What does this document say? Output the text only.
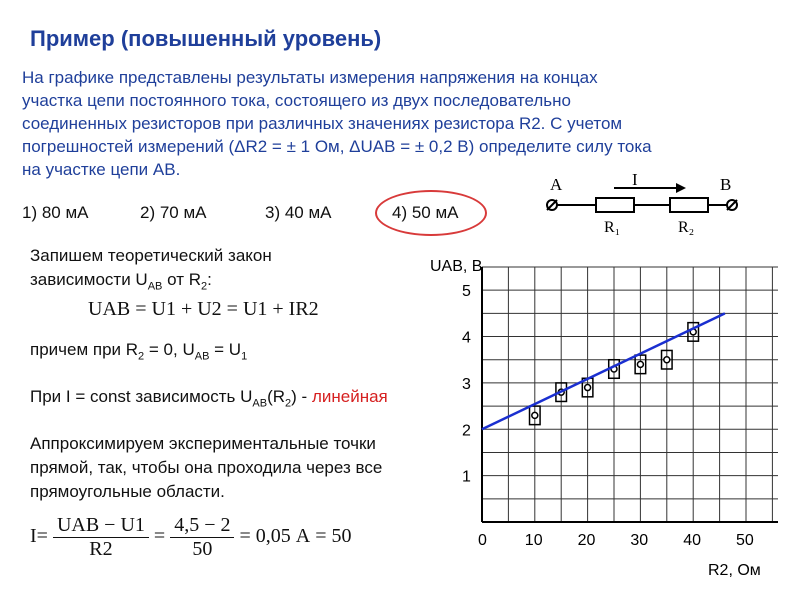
Пример (повышенный уровень)

На графике представлены результаты измерения напряжения на концах

участка цепи постоянного тока, состоящего из двух последовательно

соединенных резисторов при различных значениях резистора R2. С учетом

погрешностей измерений (ΔR2 = ± 1 Ом, ΔUAB = ± 0,2 В) определите силу тока

на участке цепи AB.

1) 80 мА	2) 70 мА	3) 40 мА	4) 50 мА
A	B
I
R₁	R₂
Запишем теоретический закон
зависимости $U_{AB}$ от $R_2$:
UAB = U1 + U2 = U1 + IR2
причем при $R_2 = 0$, $U_{AB} = U_1$
При I = const зависимость $U_{AB}(R_2)$ - линейная
Аппроксимируем экспериментальные точки
прямой, так, чтобы она проходила через все
прямоугольные области.
$I= \frac{\text{UAB − U1}}{R2} = \frac{4,5 - 2}{50} = 0,05$ А = 50	0 10 20 30 40 50
1
2
3
4
5
UAB, В
R2, Ом
